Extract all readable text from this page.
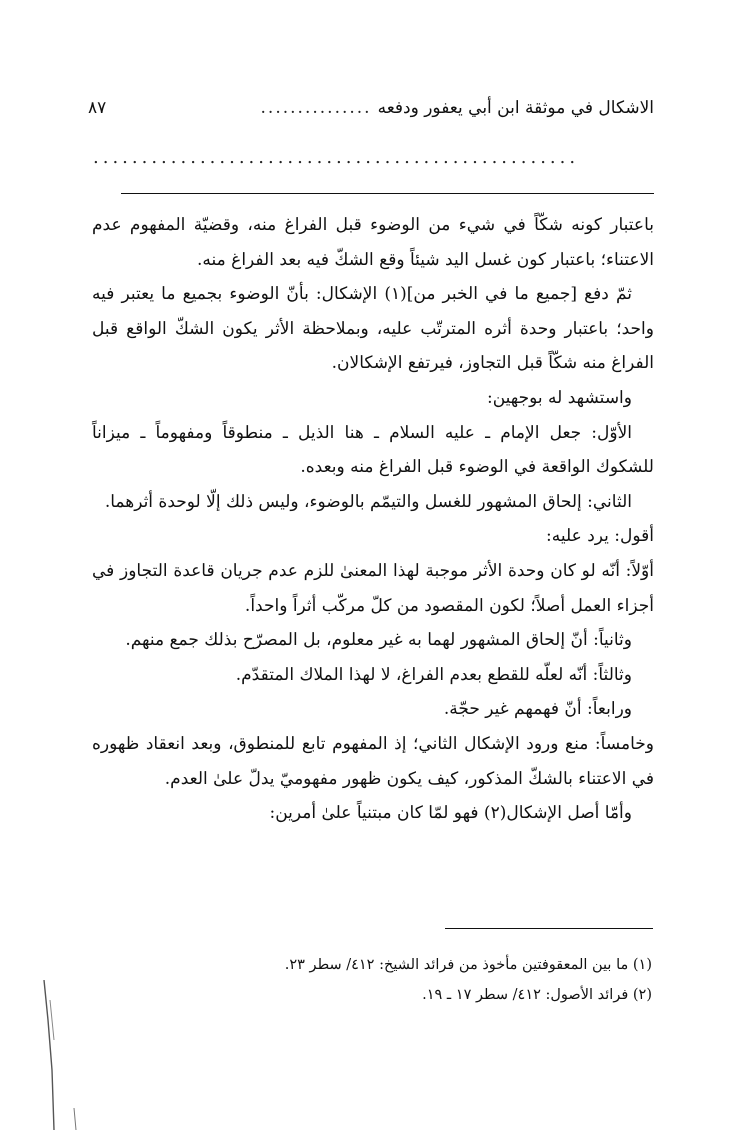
الاشكال في موثقة ابن أبي يعفور ودفعه
...............
٨٧
..................................................

باعتبار كونه شكّاً في شيء من الوضوء قبل الفراغ منه، وقضيّة المفهوم عدم الاعتناء؛ باعتبار كون غسل اليد شيئاً وقع الشكّ فيه بعد الفراغ منه.

ثمّ دفع [جميع ما في الخبر من](١) الإشكال: بأنّ الوضوء بجميع ما يعتبر فيه واحد؛ باعتبار وحدة أثره المترتّب عليه، وبملاحظة الأثر يكون الشكّ الواقع قبل الفراغ منه شكّاً قبل التجاوز، فيرتفع الإشكالان.

واستشهد له بوجهين:

الأوّل: جعل الإمام ـ عليه السلام ـ هنا الذيل ـ منطوقاً ومفهوماً ـ ميزاناً للشكوك الواقعة في الوضوء قبل الفراغ منه وبعده.

الثاني: إلحاق المشهور للغسل والتيمّم بالوضوء، وليس ذلك إلّا لوحدة أثرهما.

أقول: يرد عليه:

أوّلاً: أنّه لو كان وحدة الأثر موجبة لهذا المعنىٰ للزم عدم جريان قاعدة التجاوز في أجزاء العمل أصلاً؛ لكون المقصود من كلّ مركّب أثراً واحداً.

وثانياً: أنّ إلحاق المشهور لهما به غير معلوم، بل المصرّح بذلك جمع منهم.

وثالثاً: أنّه لعلّه للقطع بعدم الفراغ، لا لهذا الملاك المتقدّم.

ورابعاً: أنّ فهمهم غير حجّة.

وخامساً: منع ورود الإشكال الثاني؛ إذ المفهوم تابع للمنطوق، وبعد انعقاد ظهوره في الاعتناء بالشكّ المذكور، كيف يكون ظهور مفهوميّ يدلّ علىٰ العدم.

وأمّا أصل الإشكال(٢) فهو لمّا كان مبتنياً علىٰ أمرين:

(١) ما بين المعقوفتين مأخوذ من فرائد الشيخ: ٤١٢/ سطر ٢٣.

(٢) فرائد الأصول: ٤١٢/ سطر ١٧ ـ ١٩.
